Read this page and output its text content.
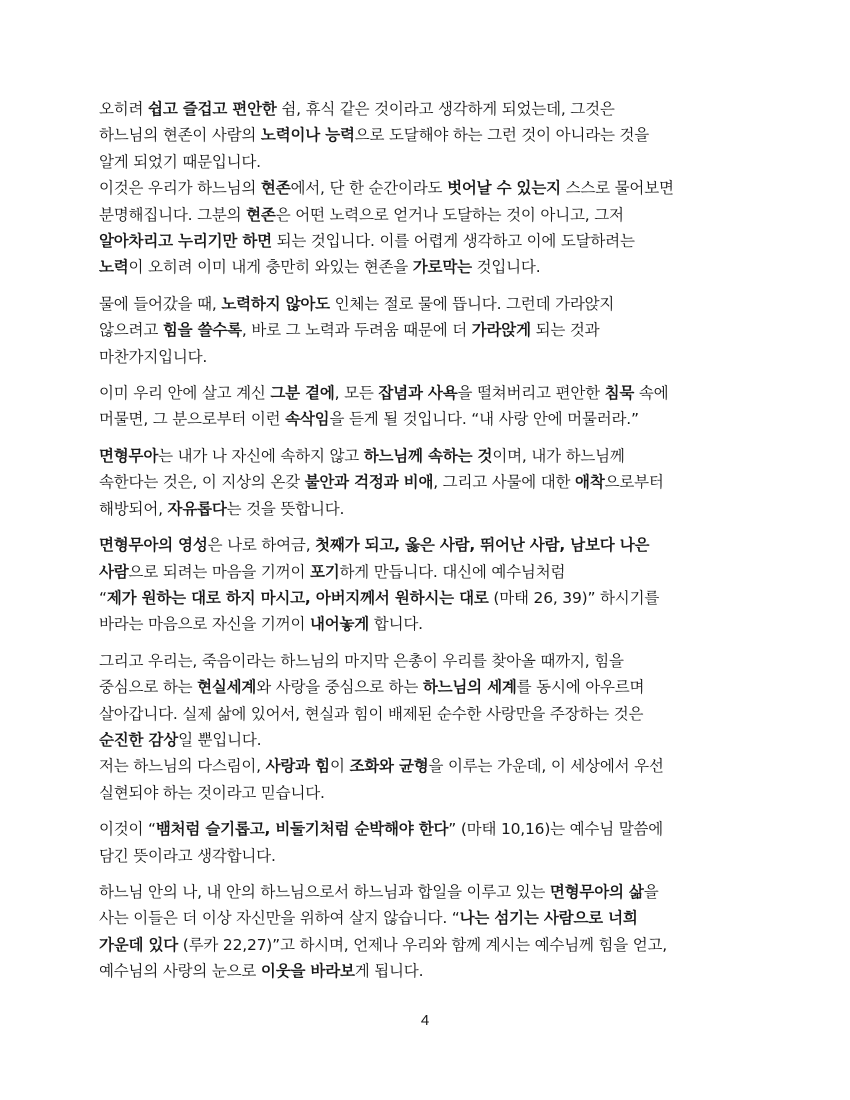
오히려 쉽고 즐겁고 편안한 쉼, 휴식 같은 것이라고 생각하게 되었는데, 그것은
하느님의 현존이 사람의 노력이나 능력으로 도달해야 하는 그런 것이 아니라는 것을
알게 되었기 때문입니다.
이것은 우리가 하느님의 현존에서, 단 한 순간이라도 벗어날 수 있는지 스스로 물어보면
분명해집니다. 그분의 현존은 어떤 노력으로 얻거나 도달하는 것이 아니고, 그저
알아차리고 누리기만 하면 되는 것입니다. 이를 어렵게 생각하고 이에 도달하려는
노력이 오히려 이미 내게 충만히 와있는 현존을 가로막는 것입니다.
물에 들어갔을 때, 노력하지 않아도 인체는 절로 물에 뜹니다. 그런데 가라앉지
않으려고 힘을 쓸수록, 바로 그 노력과 두려움 때문에 더 가라앉게 되는 것과
마찬가지입니다.
이미 우리 안에 살고 계신 그분 곁에, 모든 잡념과 사욕을 떨쳐버리고 편안한 침묵 속에
머물면, 그 분으로부터 이런 속삭임을 듣게 될 것입니다. “내 사랑 안에 머물러라.”
면형무아는 내가 나 자신에 속하지 않고 하느님께 속하는 것이며, 내가 하느님께
속한다는 것은, 이 지상의 온갖 불안과 걱정과 비애, 그리고 사물에 대한 애착으로부터
해방되어, 자유롭다는 것을 뜻합니다.
면형무아의 영성은 나로 하여금, 첫째가 되고, 옳은 사람, 뛰어난 사람, 남보다 나은
사람으로 되려는 마음을 기꺼이 포기하게 만듭니다. 대신에 예수님처럼
“제가 원하는 대로 하지 마시고, 아버지께서 원하시는 대로 (마태 26, 39)” 하시기를
바라는 마음으로 자신을 기꺼이 내어놓게 합니다.
그리고 우리는, 죽음이라는 하느님의 마지막 은총이 우리를 찾아올 때까지, 힘을
중심으로 하는 현실세계와 사랑을 중심으로 하는 하느님의 세계를 동시에 아우르며
살아갑니다. 실제 삶에 있어서, 현실과 힘이 배제된 순수한 사랑만을 주장하는 것은
순진한 감상일 뿐입니다.
저는 하느님의 다스림이, 사랑과 힘이 조화와 균형을 이루는 가운데, 이 세상에서 우선
실현되야 하는 것이라고 믿습니다.
이것이 “뱀처럼 슬기롭고, 비둘기처럼 순박해야 한다” (마태 10,16)는 예수님 말씀에
담긴 뜻이라고 생각합니다.
하느님 안의 나, 내 안의 하느님으로서 하느님과 합일을 이루고 있는 면형무아의 삶을
사는 이들은 더 이상 자신만을 위하여 살지 않습니다. “나는 섬기는 사람으로 너희
가운데 있다 (루카 22,27)”고 하시며, 언제나 우리와 함께 계시는 예수님께 힘을 얻고,
예수님의 사랑의 눈으로 이웃을 바라보게 됩니다.
4
